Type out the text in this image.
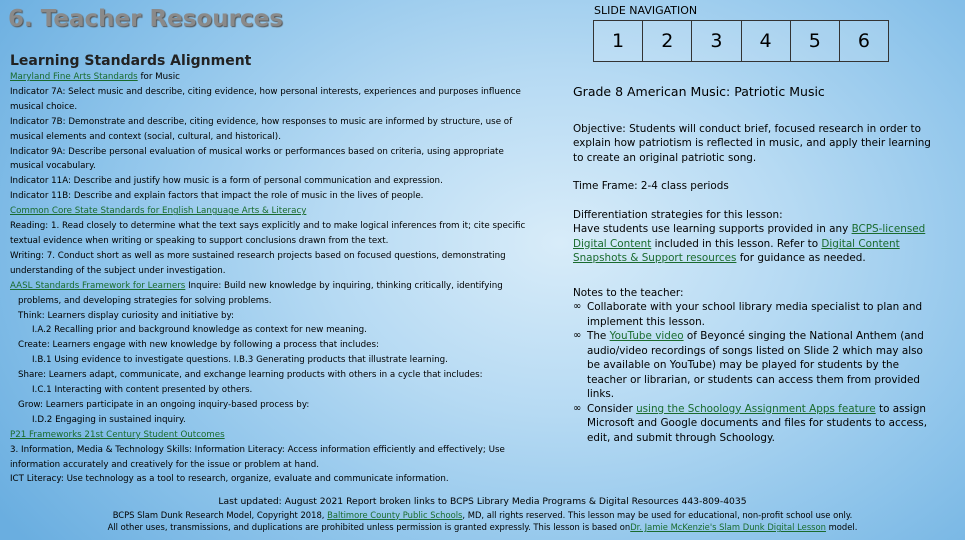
6. Teacher Resources
Learning Standards Alignment
Maryland Fine Arts Standards for Music
Indicator 7A: Select music and describe, citing evidence, how personal interests, experiences and purposes influence
musical choice.
Indicator 7B: Demonstrate and describe, citing evidence, how responses to music are informed by structure, use of
musical elements and context (social, cultural, and historical).
Indicator 9A: Describe personal evaluation of musical works or performances based on criteria, using appropriate
musical vocabulary.
Indicator 11A: Describe and justify how music is a form of personal communication and expression.
Indicator 11B: Describe and explain factors that impact the role of music in the lives of people.
Common Core State Standards for English Language Arts & Literacy
Reading: 1. Read closely to determine what the text says explicitly and to make logical inferences from it; cite specific
textual evidence when writing or speaking to support conclusions drawn from the text.
Writing: 7. Conduct short as well as more sustained research projects based on focused questions, demonstrating
understanding of the subject under investigation.
AASL Standards Framework for Learners Inquire: Build new knowledge by inquiring, thinking critically, identifying
problems, and developing strategies for solving problems.
Think: Learners display curiosity and initiative by:
I.A.2 Recalling prior and background knowledge as context for new meaning.
Create: Learners engage with new knowledge by following a process that includes:
I.B.1 Using evidence to investigate questions. I.B.3 Generating products that illustrate learning.
Share: Learners adapt, communicate, and exchange learning products with others in a cycle that includes:
I.C.1 Interacting with content presented by others.
Grow: Learners participate in an ongoing inquiry-based process by:
I.D.2 Engaging in sustained inquiry.
P21 Frameworks 21st Century Student Outcomes
3. Information, Media & Technology Skills: Information Literacy: Access information efficiently and effectively; Use
information accurately and creatively for the issue or problem at hand.
ICT Literacy: Use technology as a tool to research, organize, evaluate and communicate information.
SLIDE NAVIGATION
1	2	3	4	5	6
Grade 8 American Music: Patriotic Music

Objective: Students will conduct brief, focused research in order to explain how patriotism is reflected in music, and apply their learning to create an original patriotic song.

Time Frame: 2-4 class periods

Differentiation strategies for this lesson:
Have students use learning supports provided in any BCPS-licensed Digital Content included in this lesson. Refer to Digital Content Snapshots & Support resources for guidance as needed.

Notes to the teacher:
∞ Collaborate with your school library media specialist to plan and implement this lesson.
∞ The YouTube video of Beyoncé singing the National Anthem (and audio/video recordings of songs listed on Slide 2 which may also be available on YouTube) may be played for students by the teacher or librarian, or students can access them from provided links.
∞ Consider using the Schoology Assignment Apps feature to assign Microsoft and Google documents and files for students to access, edit, and submit through Schoology.
Last updated: August 2021 Report broken links to BCPS Library Media Programs & Digital Resources 443-809-4035
BCPS Slam Dunk Research Model, Copyright 2018, Baltimore County Public Schools, MD, all rights reserved. This lesson may be used for educational, non-profit school use only.
All other uses, transmissions, and duplications are prohibited unless permission is granted expressly. This lesson is based onDr. Jamie McKenzie's Slam Dunk Digital Lesson model.
